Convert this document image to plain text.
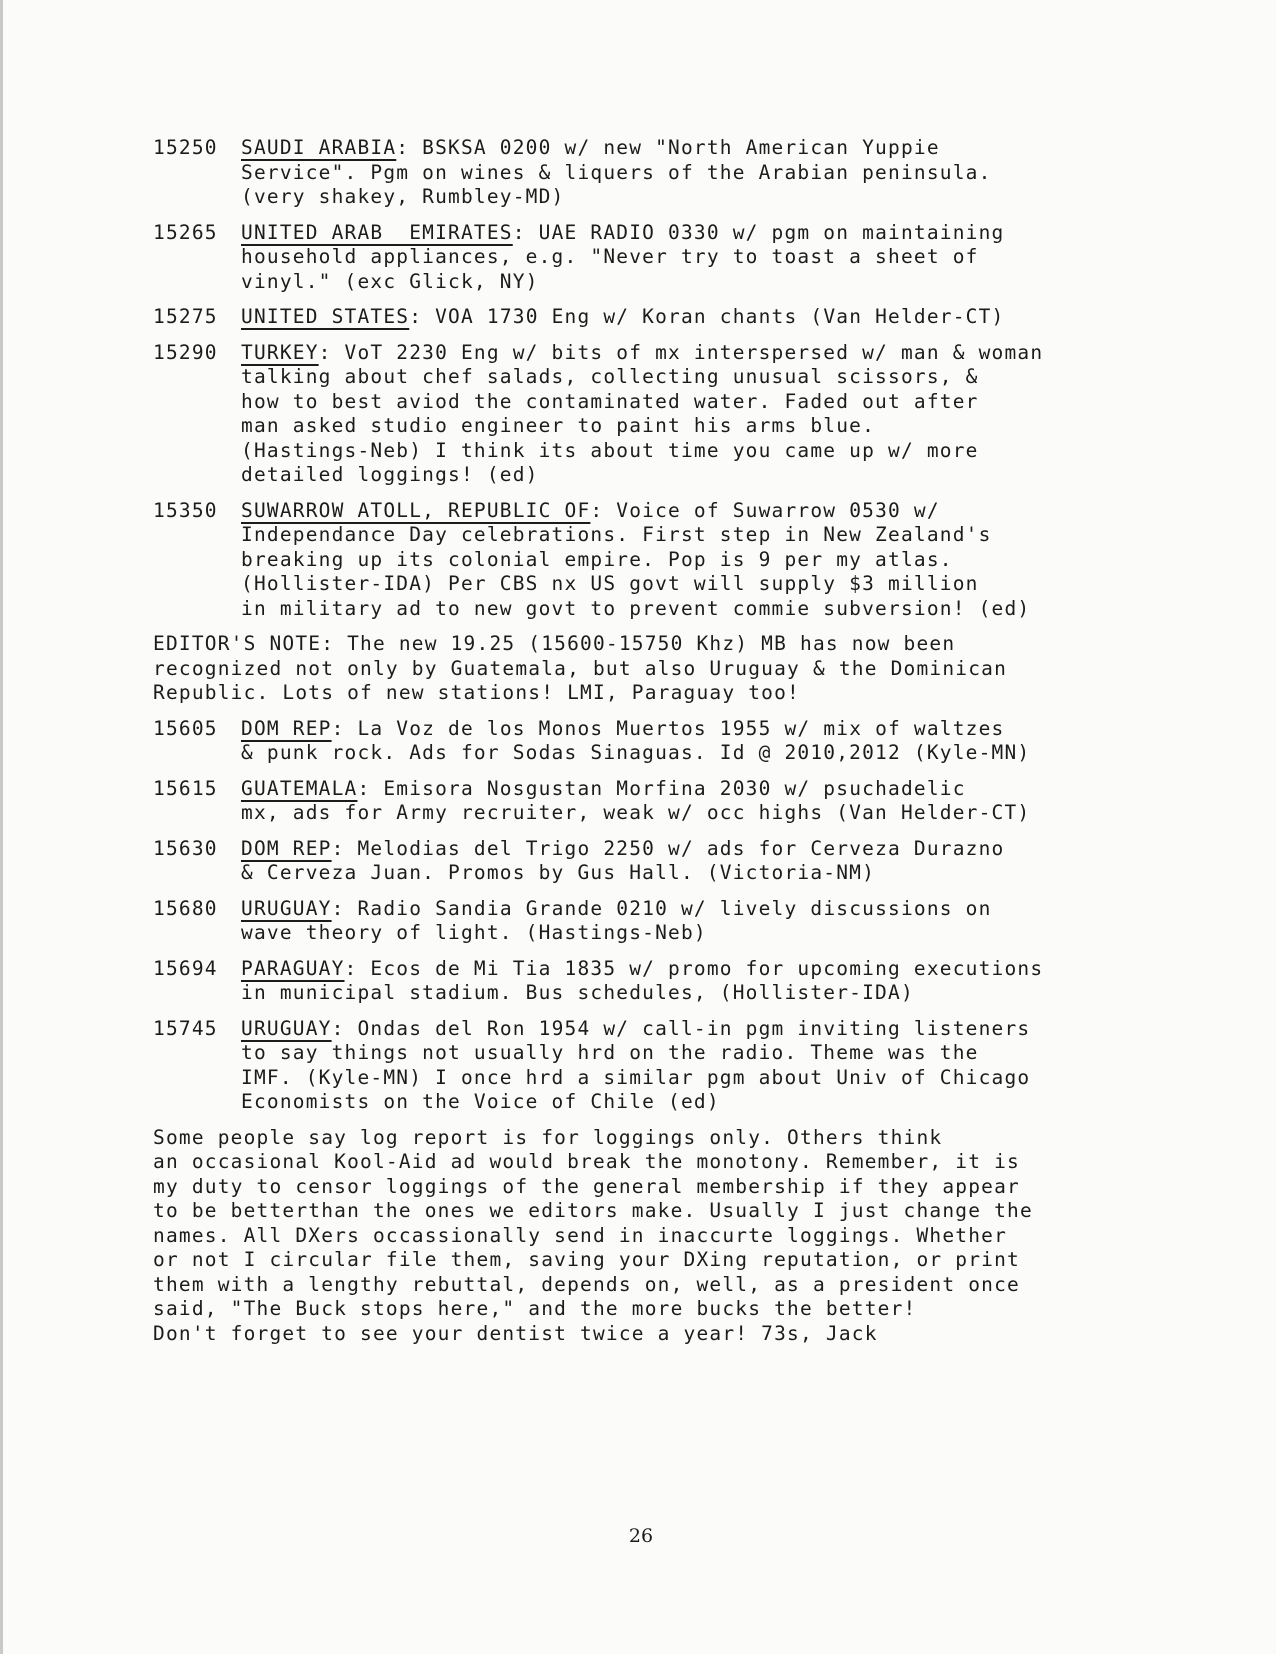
15250	SAUDI ARABIA: BSKSA 0200 w/ new "North American Yuppie
Service". Pgm on wines & liquers of the Arabian peninsula.
(very shakey, Rumbley-MD)
15265	UNITED ARAB  EMIRATES: UAE RADIO 0330 w/ pgm on maintaining
household appliances, e.g. "Never try to toast a sheet of
vinyl." (exc Glick, NY)
15275	UNITED STATES: VOA 1730 Eng w/ Koran chants (Van Helder-CT)
15290	TURKEY: VoT 2230 Eng w/ bits of mx interspersed w/ man & woman
talking about chef salads, collecting unusual scissors, &
how to best aviod the contaminated water. Faded out after
man asked studio engineer to paint his arms blue.
(Hastings-Neb) I think its about time you came up w/ more
detailed loggings! (ed)
15350	SUWARROW ATOLL, REPUBLIC OF: Voice of Suwarrow 0530 w/
Independance Day celebrations. First step in New Zealand's
breaking up its colonial empire. Pop is 9 per my atlas.
(Hollister-IDA) Per CBS nx US govt will supply $3 million
in military ad to new govt to prevent commie subversion! (ed)
EDITOR'S NOTE: The new 19.25 (15600-15750 Khz) MB has now been
recognized not only by Guatemala, but also Uruguay & the Dominican
Republic. Lots of new stations! LMI, Paraguay too!
15605	DOM REP: La Voz de los Monos Muertos 1955 w/ mix of waltzes
& punk rock. Ads for Sodas Sinaguas. Id @ 2010,2012 (Kyle-MN)
15615	GUATEMALA: Emisora Nosgustan Morfina 2030 w/ psuchadelic
mx, ads for Army recruiter, weak w/ occ highs (Van Helder-CT)
15630	DOM REP: Melodias del Trigo 2250 w/ ads for Cerveza Durazno
& Cerveza Juan. Promos by Gus Hall. (Victoria-NM)
15680	URUGUAY: Radio Sandia Grande 0210 w/ lively discussions on
wave theory of light. (Hastings-Neb)
15694	PARAGUAY: Ecos de Mi Tia 1835 w/ promo for upcoming executions
in municipal stadium. Bus schedules, (Hollister-IDA)
15745	URUGUAY: Ondas del Ron 1954 w/ call-in pgm inviting listeners
to say things not usually hrd on the radio. Theme was the
IMF. (Kyle-MN) I once hrd a similar pgm about Univ of Chicago
Economists on the Voice of Chile (ed)
Some people say log report is for loggings only. Others think
an occasional Kool-Aid ad would break the monotony. Remember, it is
my duty to censor loggings of the general membership if they appear
to be betterthan the ones we editors make. Usually I just change the
names. All DXers occassionally send in inaccurte loggings. Whether
or not I circular file them, saving your DXing reputation, or print
them with a lengthy rebuttal, depends on, well, as a president once
said, "The Buck stops here," and the more bucks the better!
Don't forget to see your dentist twice a year! 73s, Jack
26
